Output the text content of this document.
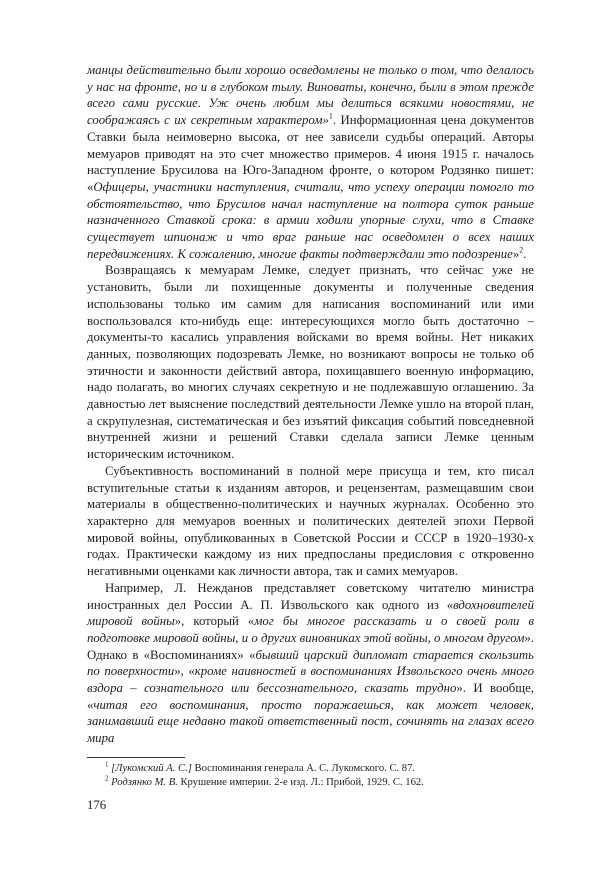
манцы действительно были хорошо осведомлены не только о том, что делалось у нас на фронте, но и в глубоком тылу. Виноваты, конечно, были в этом прежде всего сами русские. Уж очень любим мы делиться всякими новостями, не соображаясь с их секретным характером»$^1$. Информационная цена документов Ставки была неимоверно высока, от нее зависели судьбы операций. Авторы мемуаров приводят на это счет множество примеров. 4 июня 1915 г. началось наступление Брусилова на Юго-Западном фронте, о котором Родзянко пишет: «Офицеры, участники наступления, считали, что успеху операции помогло то обстоятельство, что Брусилов начал наступление на полтора суток раньше назначенного Ставкой срока: в армии ходили упорные слухи, что в Ставке существует шпионаж и что враг раньше нас осведомлен о всех наших передвижениях. К сожалению, многие факты подтверждали это подозрение»$^2$.

Возвращаясь к мемуарам Лемке, следует признать, что сейчас уже не установить, были ли похищенные документы и полученные сведения использованы только им самим для написания воспоминаний или ими воспользовался кто-нибудь еще: интересующихся могло быть достаточно – документы-то касались управления войсками во время войны. Нет никаких данных, позволяющих подозревать Лемке, но возникают вопросы не только об этичности и законности действий автора, похищавшего военную информацию, надо полагать, во многих случаях секретную и не подлежавшую оглашению. За давностью лет выяснение последствий деятельности Лемке ушло на второй план, а скрупулезная, систематическая и без изъятий фиксация событий повседневной внутренней жизни и решений Ставки сделала записи Лемке ценным историческим источником.

Субъективность воспоминаний в полной мере присуща и тем, кто писал вступительные статьи к изданиям авторов, и рецензентам, размещавшим свои материалы в общественно-политических и научных журналах. Особенно это характерно для мемуаров военных и политических деятелей эпохи Первой мировой войны, опубликованных в Советской России и СССР в 1920–1930-х годах. Практически каждому из них предпосланы предисловия с откровенно негативными оценками как личности автора, так и самих мемуаров.

Например, Л. Нежданов представляет советскому читателю министра иностранных дел России А. П. Извольского как одного из «вдохновителей мировой войны», который «мог бы многое рассказать и о своей роли в подготовке мировой войны, и о других виновниках этой войны, о многом другом». Однако в «Воспоминаниях» «бывший царский дипломат старается скользить по поверхности», «кроме наивностей в воспоминаниях Извольского очень много вздора – сознательного или бессознательного, сказать трудно». И вообще, «читая его воспоминания, просто поражаешься, как может человек, занимавший еще недавно такой ответственный пост, сочинять на глазах всего мира

$^1$ [Лукомский А. С.] Воспоминания генерала А. С. Лукомского. С. 87.

$^2$ Родзянко М. В. Крушение империи. 2-е изд. Л.: Прибой, 1929. С. 162.

176
